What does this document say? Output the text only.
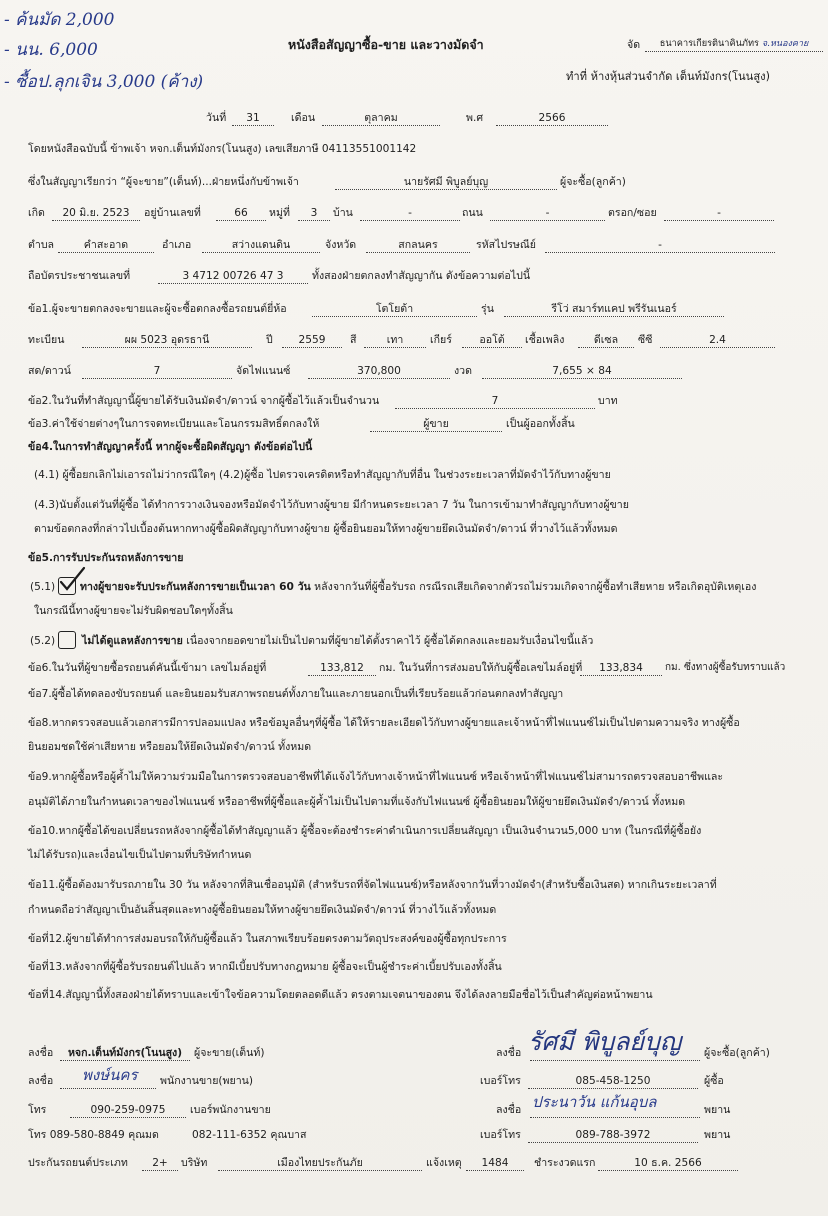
- ค้นมัด 2,000
- นน. 6,000
- ซื้อป.ลุกเจิน 3,000 (ค้าง)
หนังสือสัญญาซื้อ-ขาย และวางมัดจำ	จัด	ธนาคารเกียรตินาคินภัทร จ.หนองคาย
ทำที่ ห้างหุ้นส่วนจำกัด เต็นท์มังกร(โนนสูง)
วันที่	31	เดือน	ตุลาคม	พ.ศ	2566
โดยหนังสือฉบับนี้ ข้าพเจ้า หจก.เต็นท์มังกร(โนนสูง) เลขเสียภาษี 04113551001142
ซึ่งในสัญญาเรียกว่า “ผู้จะขาย”(เต็นท์)...ฝ่ายหนึ่งกับข้าพเจ้า	นายรัศมี พิบูลย์บุญ	ผู้จะซื้อ(ลูกค้า)
เกิด	20 มิ.ย. 2523	อยู่บ้านเลขที่	66	หมู่ที่	3	บ้าน	-	ถนน	-	ตรอก/ซอย	-
ตำบล	คำสะอาด	อำเภอ	สว่างแดนดิน	จังหวัด	สกลนคร	รหัสไปรษณีย์	-
ถือบัตรประชาชนเลขที่	3 4712 00726 47 3	ทั้งสองฝ่ายตกลงทำสัญญากัน ดังข้อความต่อไปนี้
ข้อ1.ผู้จะขายตกลงจะขายและผู้จะซื้อตกลงซื้อรถยนต์ยี่ห้อ	โตโยต้า	รุ่น	รีโว่ สมาร์ทแคป พรีรันเนอร์
ทะเบียน	ผผ 5023 อุดรธานี	ปี	2559	สี	เทา	เกียร์	ออโต้	เชื้อเพลิง	ดีเซล	ซีซี	2.4
สด/ดาวน์	7	จัดไฟแนนซ์	370,800	งวด	7,655 × 84
ข้อ2.ในวันที่ทำสัญญานี้ผู้ขายได้รับเงินมัดจำ/ดาวน์ จากผู้ซื้อไว้แล้วเป็นจำนวน	7	บาท
ข้อ3.ค่าใช้จ่ายต่างๆในการจดทะเบียนและโอนกรรมสิทธิ์ตกลงให้	ผู้ขาย	เป็นผู้ออกทั้งสิ้น
ข้อ4.ในการทำสัญญาครั้งนี้ หากผู้จะซื้อผิดสัญญา ดังข้อต่อไปนี้
(4.1) ผู้ซื้อยกเลิกไม่เอารถไม่ว่ากรณีใดๆ (4.2)ผู้ซื้อ ไปตรวจเครดิตหรือทำสัญญากับที่อื่น ในช่วงระยะเวลาที่มัดจำไว้กับทางผู้ขาย
(4.3)นับตั้งแต่วันที่ผู้ซื้อ ได้ทำการวางเงินจองหรือมัดจำไว้กับทางผู้ขาย มีกำหนดระยะเวลา 7 วัน ในการเข้ามาทำสัญญากับทางผู้ขาย
ตามข้อตกลงที่กล่าวไปเบื้องต้นหากทางผู้ซื้อผิดสัญญากับทางผู้ขาย ผู้ซื้อยินยอมให้ทางผู้ขายยึดเงินมัดจำ/ดาวน์ ที่วางไว้แล้วทั้งหมด
ข้อ5.การรับประกันรถหลังการขาย
(5.1) ทางผู้ขายจะรับประกันหลังการขายเป็นเวลา 60 วัน หลังจากวันที่ผู้ซื้อรับรถ กรณีรถเสียเกิดจากตัวรถไม่รวมเกิดจากผู้ซื้อทำเสียหาย หรือเกิดอุบัติเหตุเอง
ในกรณีนี้ทางผู้ขายจะไม่รับผิดชอบใดๆทั้งสิ้น
(5.2)	ไม่ได้ดูแลหลังการขาย เนื่องจากยอดขายไม่เป็นไปตามที่ผู้ขายได้ตั้งราคาไว้ ผู้ซื้อได้ตกลงและยอมรับเงื่อนไขนี้แล้ว
ข้อ6.ในวันที่ผู้ขายซื้อรถยนต์คันนี้เข้ามา เลขไมล์อยู่ที่	133,812	กม. ในวันที่การส่งมอบให้กับผู้ซื้อเลขไมล์อยู่ที่	133,834	กม. ซึ่งทางผู้ซื้อรับทราบแล้ว
ข้อ7.ผู้ซื้อได้ทดลองขับรถยนต์ และยินยอมรับสภาพรถยนต์ทั้งภายในและภายนอกเป็นที่เรียบร้อยแล้วก่อนตกลงทำสัญญา
ข้อ8.หากตรวจสอบแล้วเอกสารมีการปลอมแปลง หรือข้อมูลอื่นๆที่ผู้ซื้อ ได้ให้รายละเอียดไว้กับทางผู้ขายและเจ้าหน้าที่ไฟแนนซ์ไม่เป็นไปตามความจริง ทางผู้ซื้อ
ยินยอมชดใช้ค่าเสียหาย หรือยอมให้ยึดเงินมัดจำ/ดาวน์ ทั้งหมด
ข้อ9.หากผู้ซื้อหรือผู้ค้ำไม่ให้ความร่วมมือในการตรวจสอบอาชีพที่ได้แจ้งไว้กับทางเจ้าหน้าที่ไฟแนนซ์ หรือเจ้าหน้าที่ไฟแนนซ์ไม่สามารถตรวจสอบอาชีพและ
อนุมัติได้ภายในกำหนดเวลาของไฟแนนซ์ หรืออาชีพที่ผู้ซื้อและผู้ค้ำไม่เป็นไปตามที่แจ้งกับไฟแนนซ์ ผู้ซื้อยินยอมให้ผู้ขายยึดเงินมัดจำ/ดาวน์ ทั้งหมด
ข้อ10.หากผู้ซื้อได้ขอเปลี่ยนรถหลังจากผู้ซื้อได้ทำสัญญาแล้ว ผู้ซื้อจะต้องชำระค่าดำเนินการเปลี่ยนสัญญา เป็นเงินจำนวน5,000 บาท (ในกรณีที่ผู้ซื้อยัง
ไม่ได้รับรถ)และเงื่อนไขเป็นไปตามที่บริษัทกำหนด
ข้อ11.ผู้ซื้อต้องมารับรถภายใน 30 วัน หลังจากที่สินเชื่ออนุมัติ (สำหรับรถที่จัดไฟแนนซ์)หรือหลังจากวันที่วางมัดจำ(สำหรับซื้อเงินสด) หากเกินระยะเวลาที่
กำหนดถือว่าสัญญาเป็นอันสิ้นสุดและทางผู้ซื้อยินยอมให้ทางผู้ขายยึดเงินมัดจำ/ดาวน์ ที่วางไว้แล้วทั้งหมด
ข้อที่12.ผู้ขายได้ทำการส่งมอบรถให้กับผู้ซื้อแล้ว ในสภาพเรียบร้อยตรงตามวัตถุประสงค์ของผู้ซื้อทุกประการ
ข้อที่13.หลังจากที่ผู้ซื้อรับรถยนต์ไปแล้ว หากมีเบี้ยปรับทางกฎหมาย ผู้ซื้อจะเป็นผู้ชำระค่าเบี้ยปรับเองทั้งสิ้น
ข้อที่14.สัญญานี้ทั้งสองฝ่ายได้ทราบและเข้าใจข้อความโดยตลอดดีแล้ว ตรงตามเจตนาของตน จึงได้ลงลายมือชื่อไว้เป็นสำคัญต่อหน้าพยาน
ลงชื่อ	หจก.เต็นท์มังกร(โนนสูง)	ผู้จะขาย(เต็นท์)	ลงชื่อ รัศมี พิบูลย์บุญ ผู้จะซื้อ(ลูกค้า)
ลงชื่อ พงษ์นคร พนักงานขาย(พยาน)	เบอร์โทร	085-458-1250	ผู้ซื้อ
โทร	090-259-0975	เบอร์พนักงานขาย	ลงชื่อ ประนาวัน แก้นอุบล	พยาน
โทร 089-580-8849 คุณมด	082-111-6352 คุณบาส	เบอร์โทร	089-788-3972	พยาน
ประกันรถยนต์ประเภท	2+	บริษัท	เมืองไทยประกันภัย	แจ้งเหตุ	1484	ชำระงวดแรก	10 ธ.ค. 2566
